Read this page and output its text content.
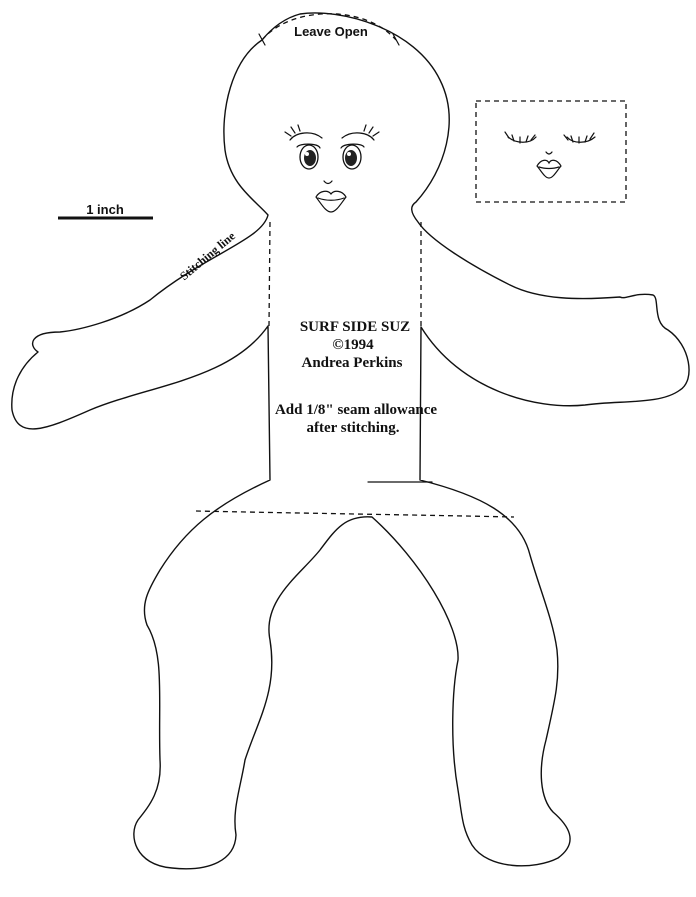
1 inch
Leave Open
Stitching line
SURF SIDE SUZ
©1994
Andrea Perkins
Add 1/8" seam allowance
after stitching.
